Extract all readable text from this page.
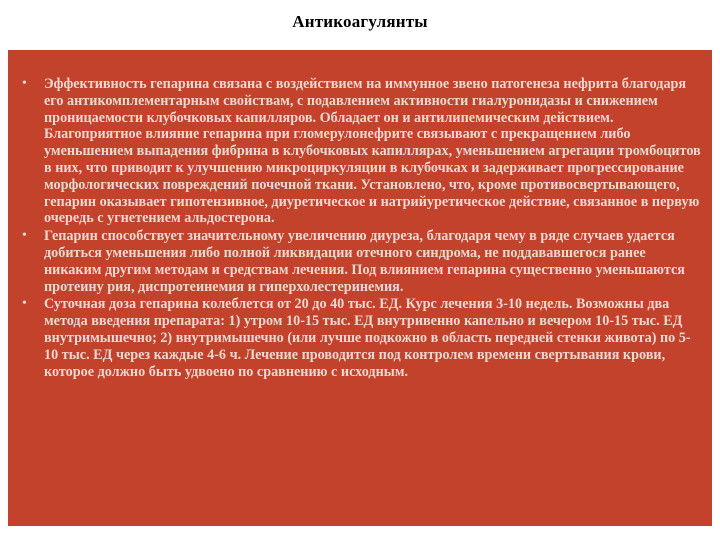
Антикоагулянты
• Эффективность гепарина связана с воздействием на иммунное звено патогенеза нефрита благодаря его антикомплементарным свойствам, с подавлением активности гиалуронидазы и снижением проницаемости клубочковых капилляров. Обладает он и антилипемическим действием. Благоприятное влияние гепарина при гломерулонефрите связывают с прекращением либо уменьшением выпадения фибрина в клубочковых капиллярах, уменьшением агрегации тромбоцитов в них, что приводит к улучшению микроциркуляции в клубочках и задерживает прогрессирование морфологических повреждений почечной ткани. Установлено, что, кроме противосвертывающего, гепарин оказывает гипотензивное, диуретическое и натрийуретическое действие, связанное в первую очередь с угнетением альдостерона.
• Гепарин способствует значительному увеличению диуреза, благодаря чему в ряде случаев удается добиться уменьшения либо полной ликвидации отечного синдрома, не поддававшегося ранее никаким другим методам и средствам лечения. Под влиянием гепарина существенно уменьшаются протеину рия, диспротеинемия и гиперхолестеринемия.
• Суточная доза гепарина колеблется от 20 до 40 тыс. ЕД. Курс лечения 3-10 недель. Возможны два метода введения препарата: 1) утром 10-15 тыс. ЕД внутривенно капельно и вечером 10-15 тыс. ЕД внутримышечно; 2) внутримышечно (или лучше подкожно в область передней стенки живота) по 5-10 тыс. ЕД через каждые 4-6 ч. Лечение проводится под контролем времени свертывания крови, которое должно быть удвоено по сравнению с исходным.
